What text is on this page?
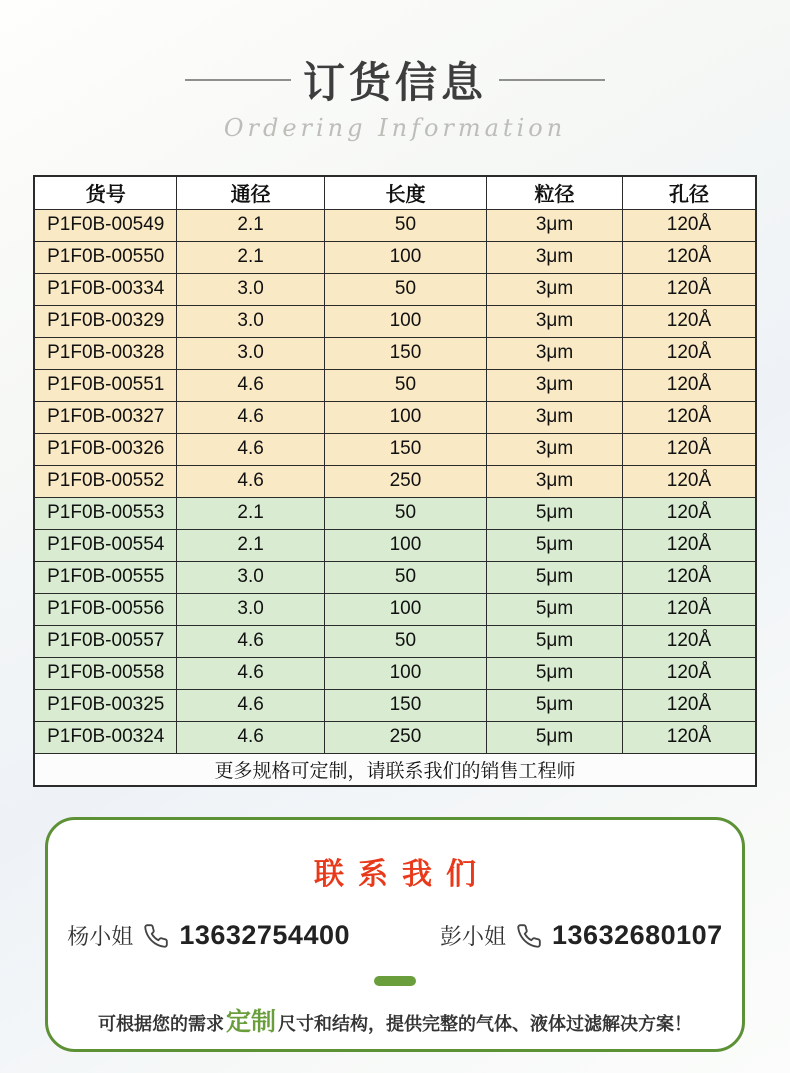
订货信息
Ordering Information
货号	通径	长度	粒径	孔径
P1F0B-00549	2.1	50	3μm	120Å
P1F0B-00550	2.1	100	3μm	120Å
P1F0B-00334	3.0	50	3μm	120Å
P1F0B-00329	3.0	100	3μm	120Å
P1F0B-00328	3.0	150	3μm	120Å
P1F0B-00551	4.6	50	3μm	120Å
P1F0B-00327	4.6	100	3μm	120Å
P1F0B-00326	4.6	150	3μm	120Å
P1F0B-00552	4.6	250	3μm	120Å
P1F0B-00553	2.1	50	5μm	120Å
P1F0B-00554	2.1	100	5μm	120Å
P1F0B-00555	3.0	50	5μm	120Å
P1F0B-00556	3.0	100	5μm	120Å
P1F0B-00557	4.6	50	5μm	120Å
P1F0B-00558	4.6	100	5μm	120Å
P1F0B-00325	4.6	150	5μm	120Å
P1F0B-00324	4.6	250	5μm	120Å
更多规格可定制，请联系我们的销售工程师				
联系我们
杨小姐 13632754400	彭小姐 13632680107
可根据您的需求定制 尺寸和结构，提供完整的气体、液体过滤解决方案！
